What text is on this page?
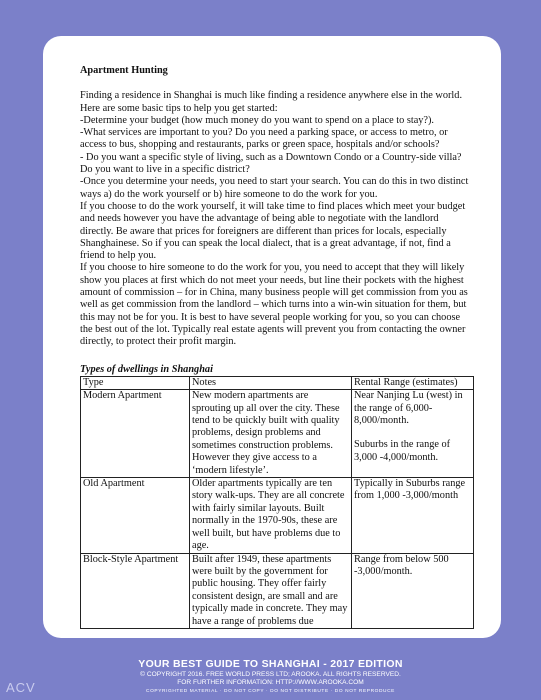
Apartment Hunting

Finding a residence in Shanghai is much like finding a residence anywhere else in the world. Here are some basic tips to help you get started:

-Determine your budget (how much money do you want to spend on a place to stay?).

-What services are important to you? Do you need a parking space, or access to metro, or access to bus, shopping and restaurants, parks or green space, hospitals and/or schools?

- Do you want a specific style of living, such as a Downtown Condo or a Country-side villa? Do you want to live in a specific district?

-Once you determine your needs, you need to start your search. You can do this in two distinct ways a) do the work yourself or b) hire someone to do the work for you.

If you choose to do the work yourself, it will take time to find places which meet your budget and needs however you have the advantage of being able to negotiate with the landlord directly. Be aware that prices for foreigners are different than prices for locals, especially Shanghainese. So if you can speak the local dialect, that is a great advantage, if not, find a friend to help you.

If you choose to hire someone to do the work for you, you need to accept that they will likely show you places at first which do not meet your needs, but line their pockets with the highest amount of commission – for in China, many business people will get commission from you as well as get commission from the landlord – which turns into a win-win situation for them, but this may not be for you. It is best to have several people working for you, so you can choose the best out of the lot. Typically real estate agents will prevent you from contacting the owner directly, to protect their profit margin.

Types of dwellings in Shanghai

Type	Notes	Rental Range (estimates)
Modern Apartment	New modern apartments are sprouting up all over the city. These tend to be quickly built with quality problems, design problems and sometimes construction problems. However they give access to a ‘modern lifestyle’.	Near Nanjing Lu (west) in the range of 6,000-8,000/month.
Suburbs in the range of 3,000 -4,000/month.

Old Apartment	Older apartments typically are ten story walk-ups. They are all concrete with fairly similar layouts. Built normally in the 1970-90s, these are well built, but have problems due to age.	Typically in Suburbs range from 1,000 -3,000/month
Block-Style Apartment	Built after 1949, these apartments were built by the government for public housing. They offer fairly consistent design, are small and are typically made in concrete. They may have a range of problems due	Range from below 500 -3,000/month.
YOUR BEST GUIDE TO SHANGHAI - 2017 EDITION
© COPYRIGHT 2016. FREE WORLD PRESS LTD; AROOKA. ALL RIGHTS RESERVED.
FOR FURTHER INFORMATION: HTTP://WWW.AROOKA.COM
COPYRIGHTED MATERIAL · DO NOT COPY · DO NOT DISTRIBUTE · DO NOT REPRODUCE
ACV
